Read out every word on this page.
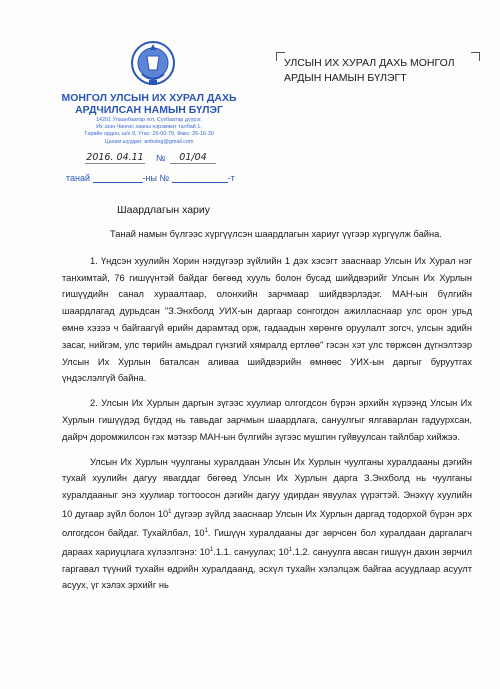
МОНГОЛ УЛСЫН ИХ ХУРАЛ ДАХЬ
АРДЧИЛСАН НАМЫН БҮЛЭГ
14201 Улаанбаатар хот, Сүхбаатар дүүрэг,
Их эзэн Чингис хааны нэрэмжит талбай 1,
Төрийн ордон, ш/х 9, Утас: 26-00-79, Факс: 26-16-30
Цахим шуудан: anbuleg@gmail.com
2016. 04.11 №	01/04
танай	-ны №	-т
УЛСЫН ИХ ХУРАЛ ДАХЬ МОНГОЛ
АРДЫН НАМЫН БҮЛЭГТ
Шаардлагын хариу

Танай намын бүлгээс хүргүүлсэн шаардлагын хариуг үүгээр хүргүүлж байна.

1. Үндсэн хуулийн Хорин нэгдүгээр зүйлийн 1 дэх хэсэгт зааснаар Улсын Их Хурал нэг танхимтай, 76 гишүүнтэй байдаг бөгөөд хууль болон бусад шийдвэрийг Улсын Их Хурлын гишүүдийн санал хураалтаар, олонхийн зарчмаар шийдвэрлэдэг. МАН-ын бүлгийн шаардлагад дурьдсан "З.Энхболд УИХ-ын даргаар сонгогдон ажилласнаар улс орон урьд өмнө хэзээ ч байгаагүй өрийн дарамтад орж, гадаадын хөрөнгө оруулалт зогсч, улсын эдийн засаг, нийгэм, улс төрийн амьдрал гүнзгий хямралд ертлөө" гэсэн хэт улс төржсөн дүгнэлтээр Улсын Их Хурлын баталсан аливаа шийдвэрийн өмнөөс УИХ-ын даргыг буруутгах үндэслэлгүй байна.

2. Улсын Их Хурлын даргын зүгээс хуулиар олгогдсон бүрэн эрхийн хүрээнд Улсын Их Хурлын гишүүдэд бүгдэд нь тавьдаг зарчмын шаардлага, сануулгыг ялгаварлан гадуурхсан, дайрч доромжилсон гэх мэтээр МАН-ын бүлгийн зүгээс мушгин гуйвуулсан тайлбар хийжээ.

Улсын Их Хурлын чуулганы хуралдаан Улсын Их Хурлын чуулганы хуралдааны дэгийн тухай хуулийн дагуу явагддаг бөгөөд Улсын Их Хурлын дарга З.Энхболд нь чуулганы хуралдааныг энэ хуулиар тогтоосон дэгийн дагуу удирдан явуулах үүрэгтэй. Энэхүү хуулийн 10 дугаар зүйл болон $10^1$ дүгээр зүйлд зааснаар Улсын Их Хурлын даргад тодорхой бүрэн эрх олгогдсон байдаг. Тухайлбал, $10^1$. Гишүүн хуралдааны дэг зөрчсөн бол хуралдаан даргалагч дараах хариуцлага хүлээлгэнэ: $10^1.1.1$. сануулах; $10^1.1.2$. сануулга авсан гишүүн дахин зөрчил гаргавал түүний тухайн өдрийн хуралдаанд, эсхүл тухайн хэлэлцэж байгаа асуудлаар асуулт асуух, үг хэлэх эрхийг нь
